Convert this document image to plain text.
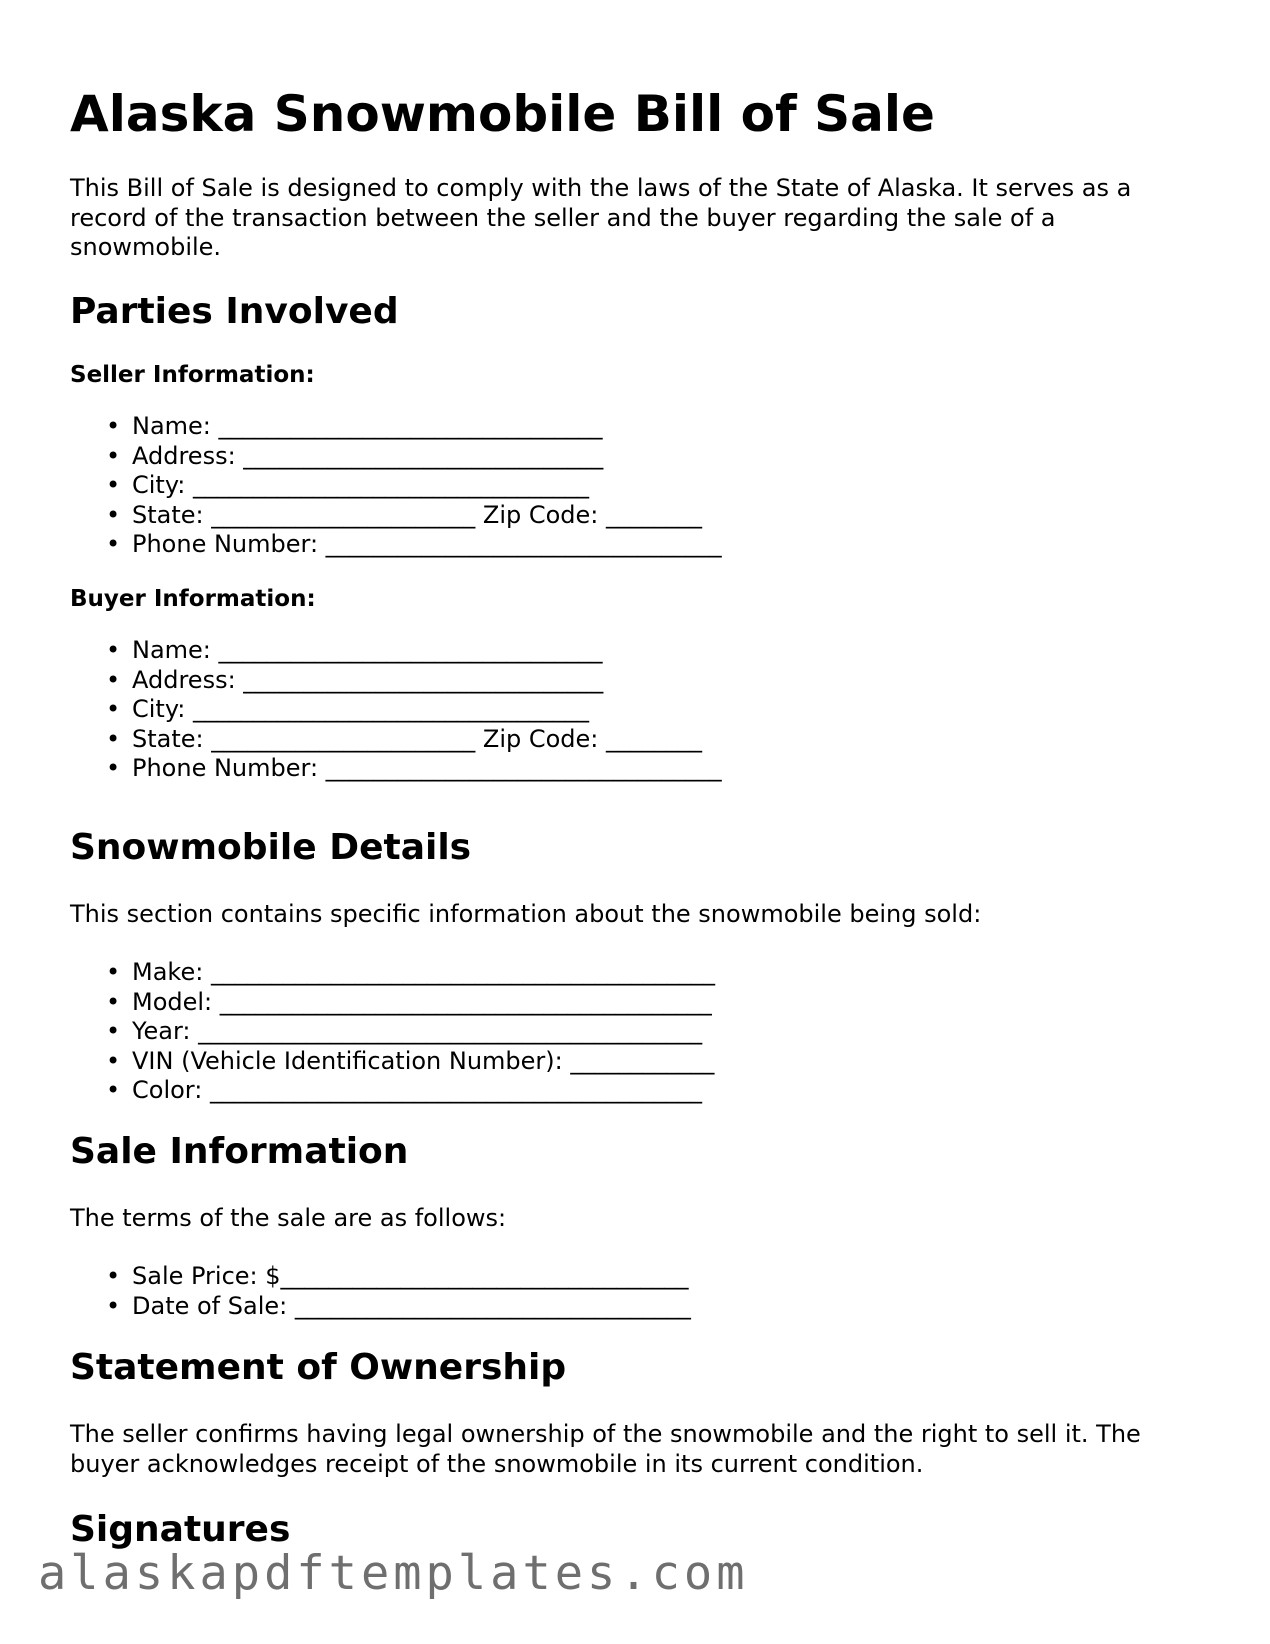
Alaska Snowmobile Bill of Sale

This Bill of Sale is designed to comply with the laws of the State of Alaska. It serves as a record of the transaction between the seller and the buyer regarding the sale of a snowmobile.

Parties Involved
Seller Information:
• Name: ________________________________
• Address: ______________________________
• City: _________________________________
• State: ______________________ Zip Code: ________
• Phone Number: _________________________________
Buyer Information:
• Name: ________________________________
• Address: ______________________________
• City: _________________________________
• State: ______________________ Zip Code: ________
• Phone Number: _________________________________
Snowmobile Details

This section contains specific information about the snowmobile being sold:

• Make: __________________________________________
• Model: _________________________________________
• Year: __________________________________________
• VIN (Vehicle Identification Number): ____________
• Color: _________________________________________
Sale Information

The terms of the sale are as follows:

• Sale Price: $__________________________________
• Date of Sale: _________________________________
Statement of Ownership

The seller confirms having legal ownership of the snowmobile and the right to sell it. The buyer acknowledges receipt of the snowmobile in its current condition.

Signatures
alaskapdftemplates.com
